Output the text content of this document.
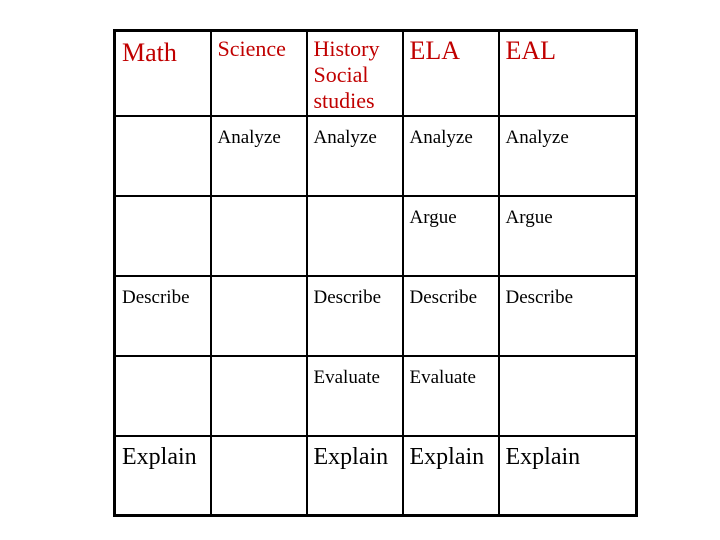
Math	Science	History Social studies	ELA	EAL
	Analyze	Analyze	Analyze	Analyze
			Argue	Argue
Describe		Describe	Describe	Describe
		Evaluate	Evaluate	
Explain		Explain	Explain	Explain
